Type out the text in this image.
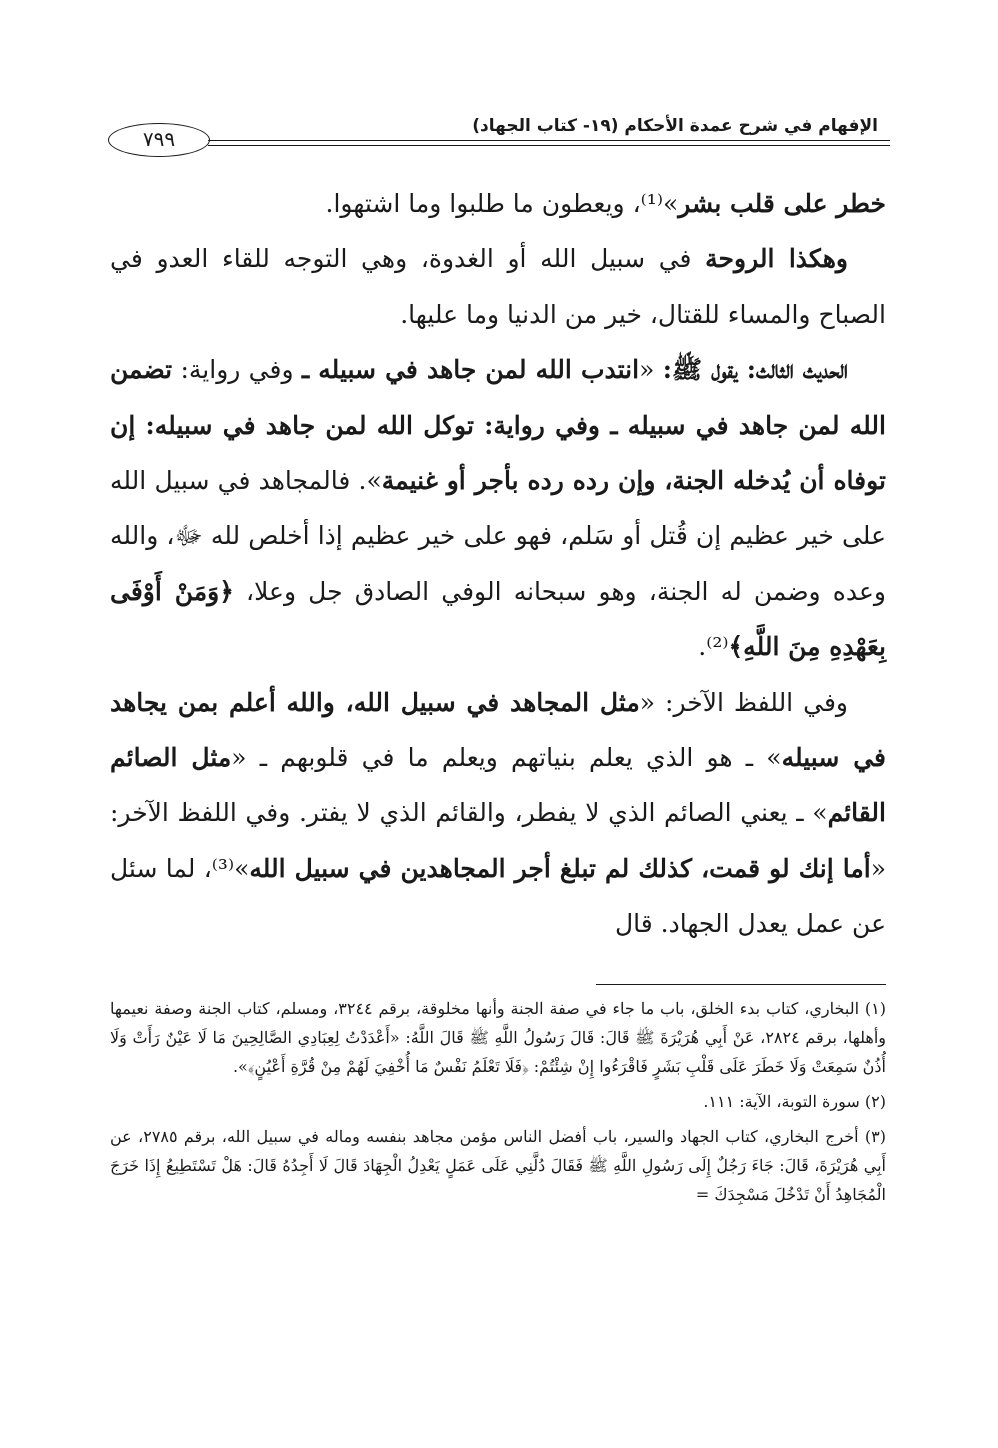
الإفهام في شرح عمدة الأحكام (١٩- كتاب الجهاد)
٧٩٩

خطر على قلب بشر»⁽¹⁾، ويعطون ما طلبوا وما اشتهوا.

وهكذا الروحة في سبيل الله أو الغدوة، وهي التوجه للقاء العدو في الصباح والمساء للقتال، خير من الدنيا وما عليها.

الحديث الثالث: يقول ﷺ: «انتدب الله لمن جاهد في سبيله ـ وفي رواية: تضمن الله لمن جاهد في سبيله ـ وفي رواية: توكل الله لمن جاهد في سبيله: إن توفاه أن يُدخله الجنة، وإن رده رده بأجر أو غنيمة». فالمجاهد في سبيل الله على خير عظيم إن قُتل أو سَلم، فهو على خير عظيم إذا أخلص لله ﷻ، والله وعده وضمن له الجنة، وهو سبحانه الوفي الصادق جل وعلا، ﴿وَمَنْ أَوْفَى بِعَهْدِهِ مِنَ اللَّهِ﴾⁽²⁾.

وفي اللفظ الآخر: «مثل المجاهد في سبيل الله، والله أعلم بمن يجاهد في سبيله» ـ هو الذي يعلم بنياتهم ويعلم ما في قلوبهم ـ «مثل الصائم القائم» ـ يعني الصائم الذي لا يفطر، والقائم الذي لا يفتر. وفي اللفظ الآخر: «أما إنك لو قمت، كذلك لم تبلغ أجر المجاهدين في سبيل الله»⁽³⁾، لما سئل عن عمل يعدل الجهاد. قال

(١) البخاري، كتاب بدء الخلق، باب ما جاء في صفة الجنة وأنها مخلوقة، برقم ٣٢٤٤، ومسلم، كتاب الجنة وصفة نعيمها وأهلها، برقم ٢٨٢٤، عَنْ أَبِي هُرَيْرَةَ ﷺ قَالَ: قَالَ رَسُولُ اللَّهِ ﷺ قَالَ اللَّهُ: «أَعْدَدْتُ لِعِبَادِي الصَّالِحِينَ مَا لَا عَيْنٌ رَأَتْ وَلَا أُذُنٌ سَمِعَتْ وَلَا خَطَرَ عَلَى قَلْبِ بَشَرٍ فَاقْرَءُوا إِنْ شِئْتُمْ: ﴿فَلَا تَعْلَمُ نَفْسٌ مَا أُخْفِيَ لَهُمْ مِنْ قُرَّةِ أَعْيُنٍ﴾».

(٢) سورة التوبة، الآية: ١١١.

(٣) أخرج البخاري، كتاب الجهاد والسير، باب أفضل الناس مؤمن مجاهد بنفسه وماله في سبيل الله، برقم ٢٧٨٥، عن أَبِي هُرَيْرَةَ، قَالَ: جَاءَ رَجُلٌ إِلَى رَسُولِ اللَّهِ ﷺ فَقَالَ دُلَّنِي عَلَى عَمَلٍ يَعْدِلُ الْجِهَادَ قَالَ لَا أَجِدُهُ قَالَ: هَلْ تَسْتَطِيعُ إِذَا خَرَجَ الْمُجَاهِدُ أَنْ تَدْخُلَ مَسْجِدَكَ =
